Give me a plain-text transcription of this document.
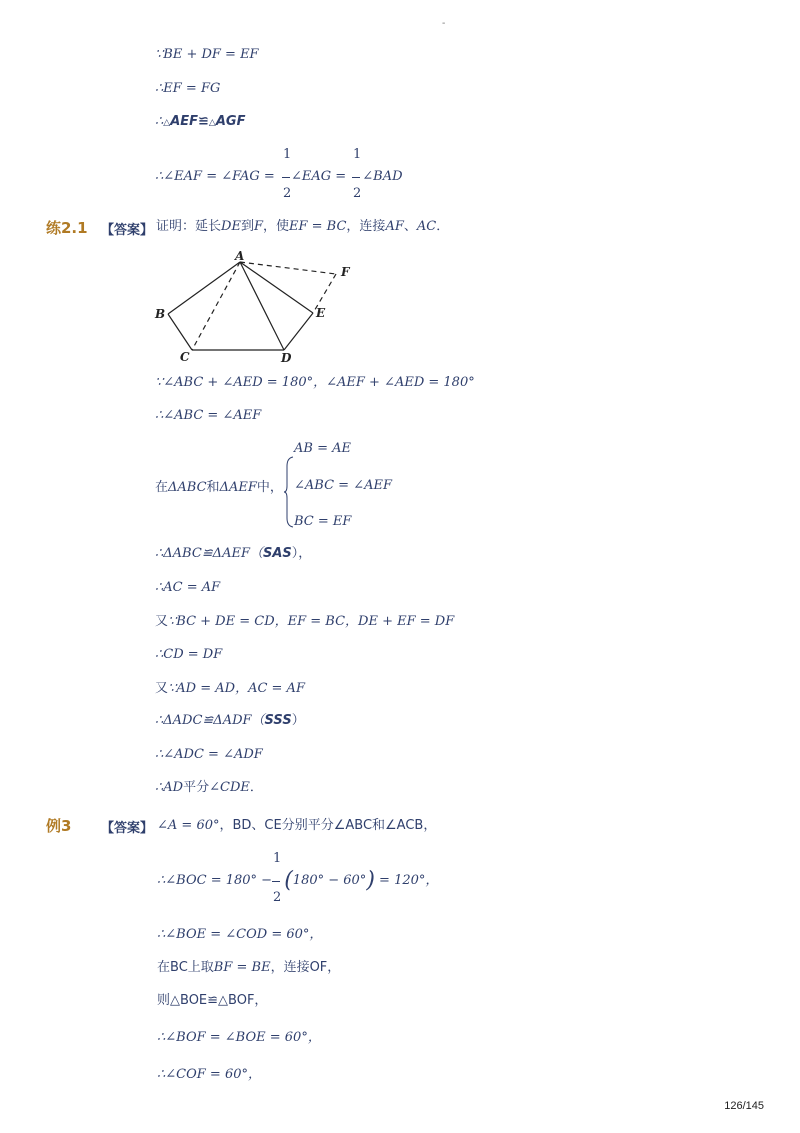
-
∵BE + DF = EF
∴EF = FG
∴△AEF≌△AGF
∴∠EAF = ∠FAG = ∠EAG = ∠BAD
1
2
1
2
练2.1 【答案】 证明：延长DE到F，使EF = BC，连接AF、AC．
A
B
C	D
E
F
∵∠ABC + ∠AED = 180°，∠AEF + ∠AED = 180°
∴∠ABC = ∠AEF
在ΔABC和ΔAEF中，
AB = AE
∠ABC = ∠AEF
BC = EF
∴ΔABC≌ΔAEF（SAS），
∴AC = AF
又∵BC + DE = CD，EF = BC，DE + EF = DF
∴CD = DF
又∵AD = AD，AC = AF
∴ΔADC≌ΔADF（SSS）
∴∠ADC = ∠ADF
∴AD平分∠CDE．
例3 【答案】 ∠A = 60°，BD、CE分别平分∠ABC和∠ACB，
∴∠BOC = 180° − (180° − 60°) = 120°，
1
2
∴∠BOE = ∠COD = 60°，
在BC上取BF = BE，连接OF，
则△BOE≌△BOF，
∴∠BOF = ∠BOE = 60°，
∴∠COF = 60°，
126/145
